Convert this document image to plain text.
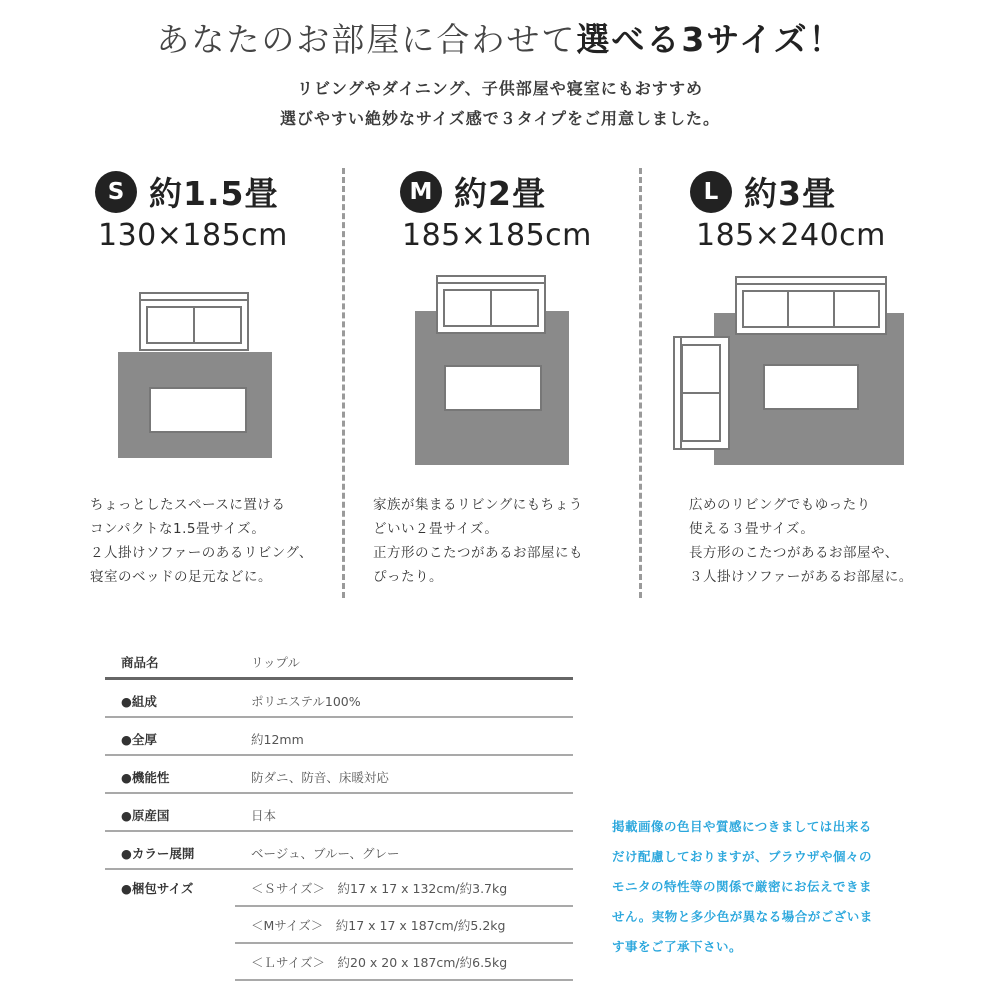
あなたのお部屋に合わせて選べる3サイズ！
リビングやダイニング、子供部屋や寝室にもおすすめ
選びやすい絶妙なサイズ感で３タイプをご用意しました。
S 約1.5畳
130×185cm
M 約2畳
185×185cm
L 約3畳
185×240cm
ちょっとしたスペースに置ける
コンパクトな1.5畳サイズ。
２人掛けソファーのあるリビング、
寝室のベッドの足元などに。
家族が集まるリビングにもちょう
どいい２畳サイズ。
正方形のこたつがあるお部屋にも
ぴったり。
広めのリビングでもゆったり
使える３畳サイズ。
長方形のこたつがあるお部屋や、
３人掛けソファーがあるお部屋に。
商品名	リップル
●組成	ポリエステル100%
●全厚	約12mm
●機能性	防ダニ、防音、床暖対応
●原産国	日本
●カラー展開	ベージュ、ブルー、グレー
●梱包サイズ	＜Ｓサイズ＞　約17 x 17 x 132cm/約3.7kg
＜Mサイズ＞　約17 x 17 x 187cm/約5.2kg
＜Ｌサイズ＞　約20 x 20 x 187cm/約6.5kg
掲載画像の色目や質感につきましては出来る
だけ配慮しておりますが、ブラウザや個々の
モニタの特性等の関係で厳密にお伝えできま
せん。実物と多少色が異なる場合がございま
す事をご了承下さい。
